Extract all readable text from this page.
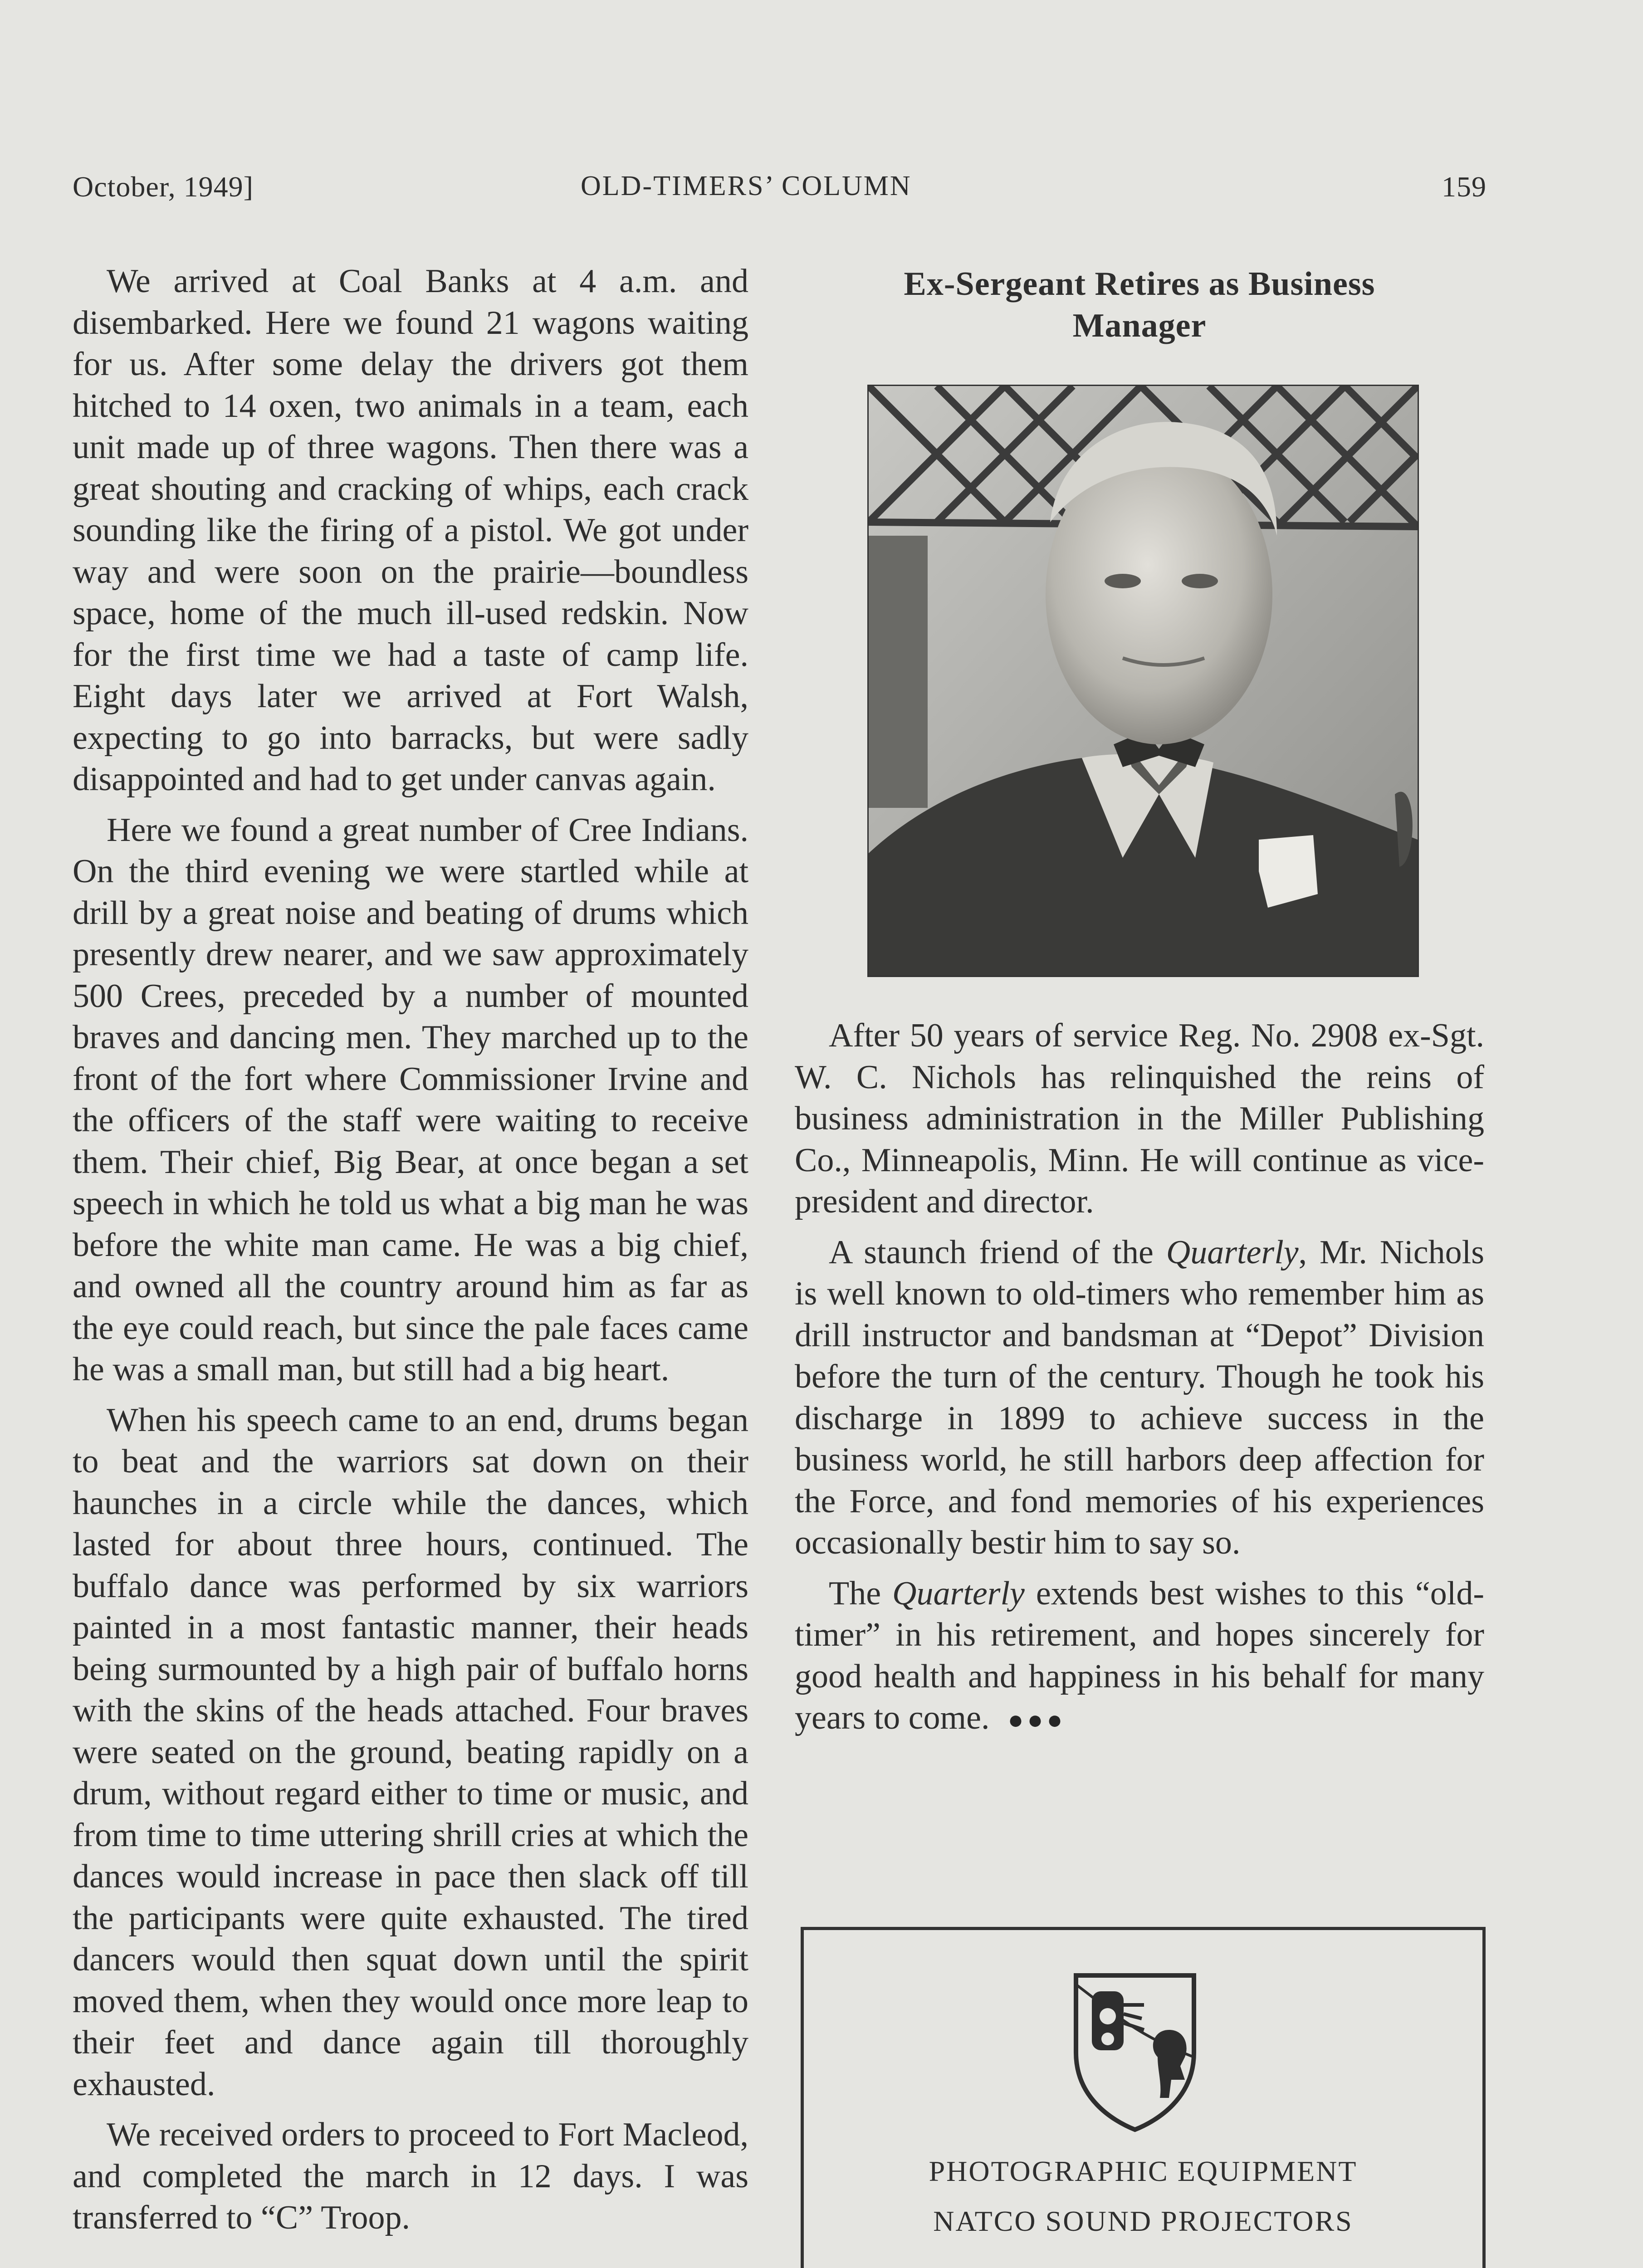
October, 1949]	OLD-TIMERS’ COLUMN	159

We arrived at Coal Banks at 4 a.m. and disembarked. Here we found 21 wagons waiting for us. After some delay the drivers got them hitched to 14 oxen, two animals in a team, each unit made up of three wagons. Then there was a great shouting and cracking of whips, each crack sounding like the firing of a pistol. We got under way and were soon on the prairie—boundless space, home of the much ill-used redskin. Now for the first time we had a taste of camp life. Eight days later we arrived at Fort Walsh, expecting to go into barracks, but were sadly disappointed and had to get under canvas again.

Here we found a great number of Cree Indians. On the third evening we were startled while at drill by a great noise and beating of drums which presently drew nearer, and we saw approximately 500 Crees, preceded by a number of mounted braves and dancing men. They marched up to the front of the fort where Commissioner Irvine and the officers of the staff were waiting to receive them. Their chief, Big Bear, at once began a set speech in which he told us what a big man he was before the white man came. He was a big chief, and owned all the country around him as far as the eye could reach, but since the pale faces came he was a small man, but still had a big heart.

When his speech came to an end, drums began to beat and the warriors sat down on their haunches in a circle while the dances, which lasted for about three hours, continued. The buffalo dance was performed by six warriors painted in a most fantastic manner, their heads being surmounted by a high pair of buffalo horns with the skins of the heads attached. Four braves were seated on the ground, beating rapidly on a drum, without regard either to time or music, and from time to time uttering shrill cries at which the dances would increase in pace then slack off till the participants were quite exhausted. The tired dancers would then squat down until the spirit moved them, when they would once more leap to their feet and dance again till thoroughly exhausted.

We received orders to proceed to Fort Macleod, and completed the march in 12 days. I was transferred to “C” Troop.

Ex-Sergeant Retires as Business
Manager

After 50 years of service Reg. No. 2908 ex-Sgt. W. C. Nichols has relinquished the reins of business administration in the Miller Publishing Co., Minneapolis, Minn. He will continue as vice-president and director.

A staunch friend of the Quarterly, Mr. Nichols is well known to old-timers who remember him as drill instructor and bandsman at “Depot” Division before the turn of the century. Though he took his discharge in 1899 to achieve success in the business world, he still harbors deep affection for the Force, and fond memories of his experiences occasionally bestir him to say so.

The Quarterly extends best wishes to this “old-timer” in his retirement, and hopes sincerely for good health and happiness in his behalf for many years to come. ●●●

PHOTOGRAPHIC EQUIPMENT
NATCO SOUND PROJECTORS
